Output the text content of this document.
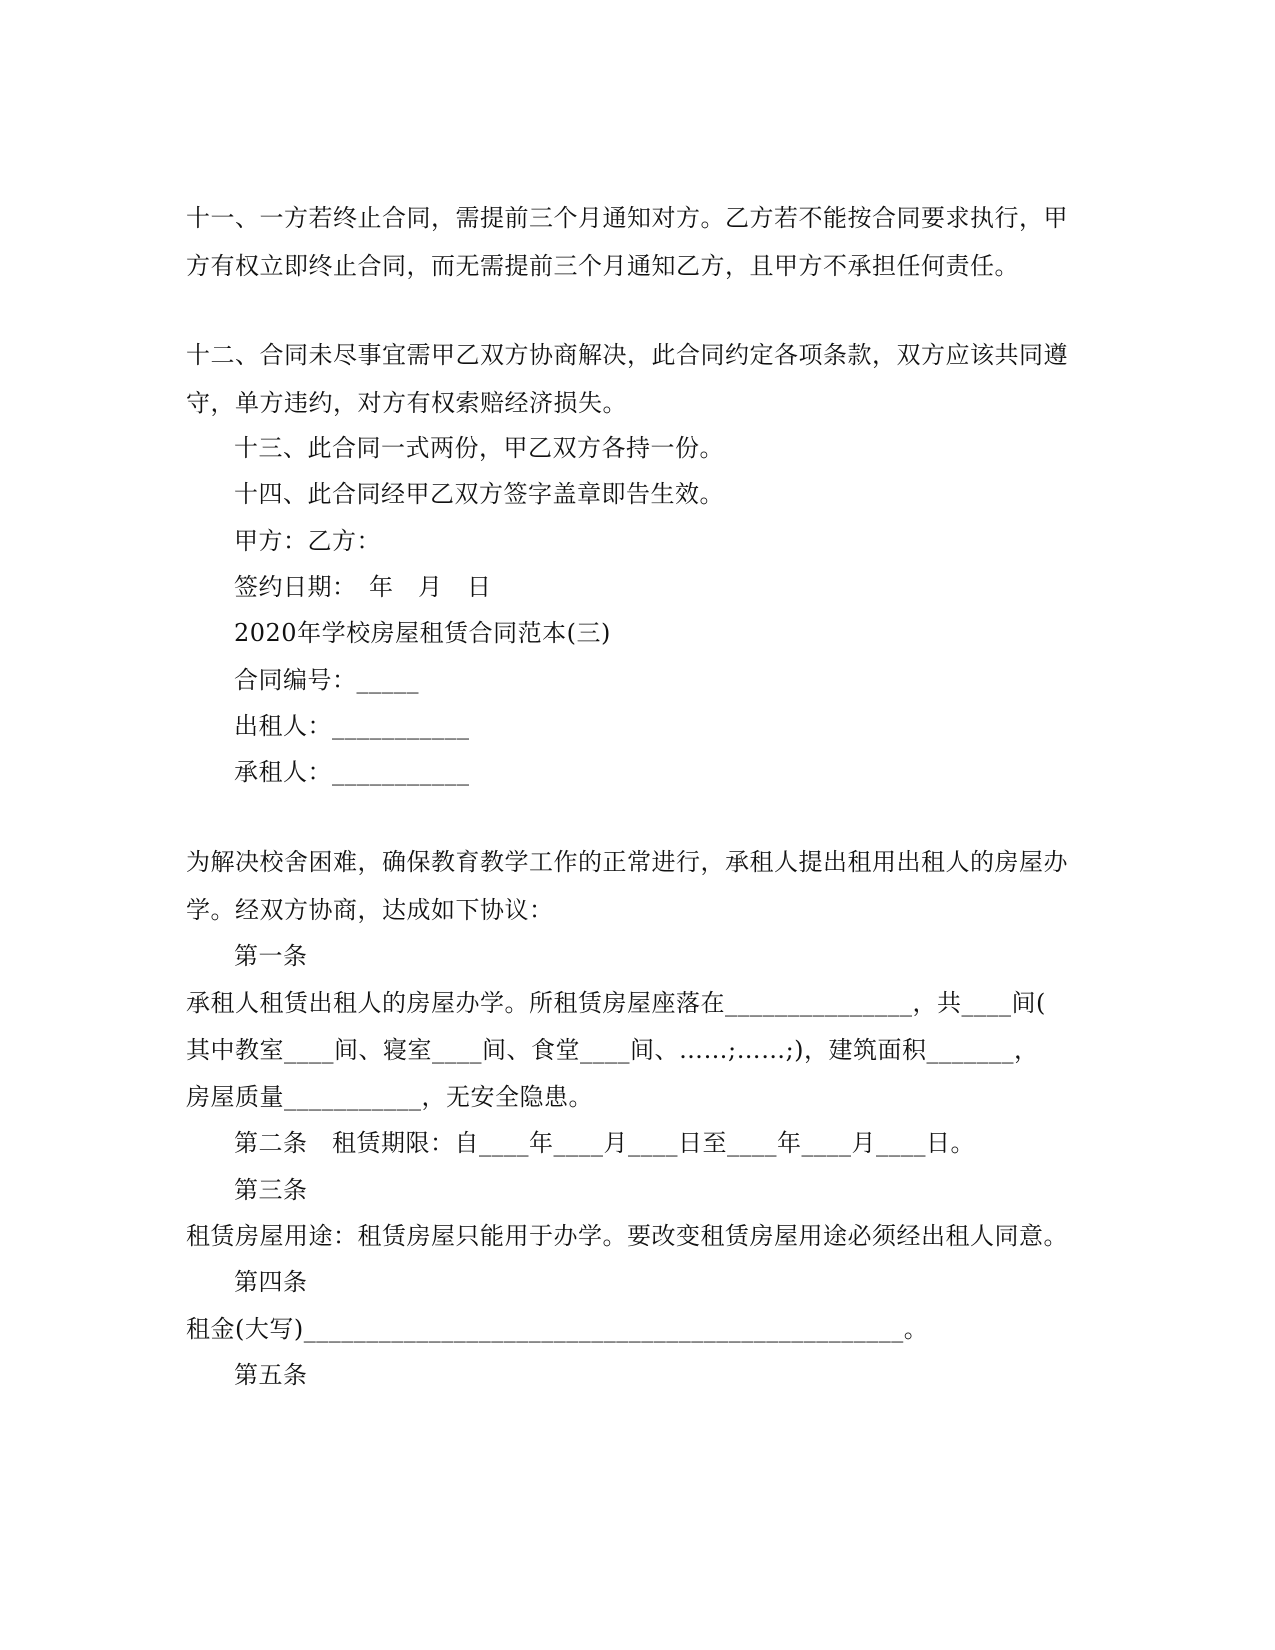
十一、一方若终止合同，需提前三个月通知对方。乙方若不能按合同要求执行，甲
方有权立即终止合同，而无需提前三个月通知乙方，且甲方不承担任何责任。
十二、合同未尽事宜需甲乙双方协商解决，此合同约定各项条款，双方应该共同遵
守，单方违约，对方有权索赔经济损失。
十三、此合同一式两份，甲乙双方各持一份。
十四、此合同经甲乙双方签字盖章即告生效。
甲方：乙方：
签约日期：　年　月　日
2020年学校房屋租赁合同范本(三)
合同编号：_____
出租人：___________
承租人：___________
为解决校舍困难，确保教育教学工作的正常进行，承租人提出租用出租人的房屋办
学。经双方协商，达成如下协议：
第一条
承租人租赁出租人的房屋办学。所租赁房屋座落在_______________，共____间(
其中教室____间、寝室____间、食堂____间、……;……;)，建筑面积_______，
房屋质量___________，无安全隐患。
第二条　租赁期限：自____年____月____日至____年____月____日。
第三条
租赁房屋用途：租赁房屋只能用于办学。要改变租赁房屋用途必须经出租人同意。
第四条
租金(大写)________________________________________________。
第五条
